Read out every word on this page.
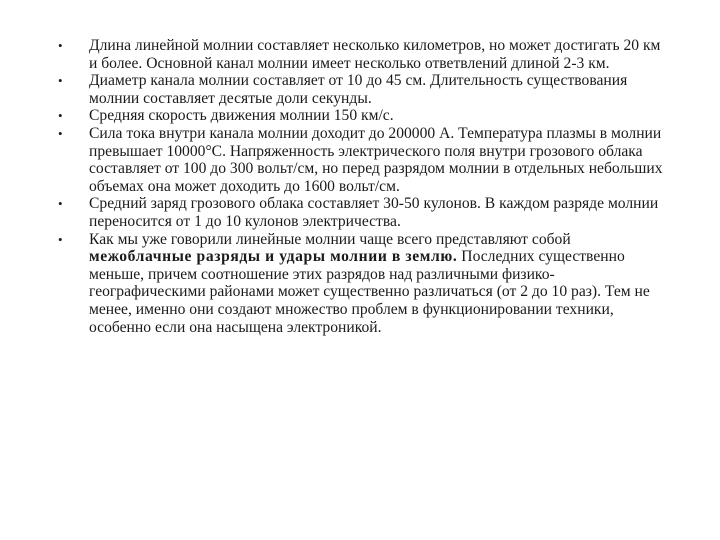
•	Длина линейной молнии составляет несколько километров, но может достигать 20 км и более. Основной канал молнии имеет несколько ответвлений длиной 2-3 км.
•	Диаметр канала молнии составляет от 10 до 45 см. Длительность существования молнии составляет десятые доли секунды.
•	Средняя скорость движения молнии 150 км/с.
•	Сила тока внутри канала молнии доходит до 200000 А. Температура плазмы в молнии превышает 10000°С. Напряженность электрического поля внутри грозового облака составляет от 100 до 300 вольт/см, но перед разрядом молнии в отдельных небольших объемах она может доходить до 1600 вольт/см.
•	Средний заряд грозового облака составляет 30-50 кулонов. В каждом разряде молнии переносится от 1 до 10 кулонов электричества.
•	Как мы уже говорили линейные молнии чаще всего представляют собой межоблачные разряды и удары молнии в землю. Последних существенно меньше, причем соотношение этих разрядов над различными физико-географическими районами может существенно различаться (от 2 до 10 раз). Тем не менее, именно они создают множество проблем в функционировании техники, особенно если она насыщена электроникой.
